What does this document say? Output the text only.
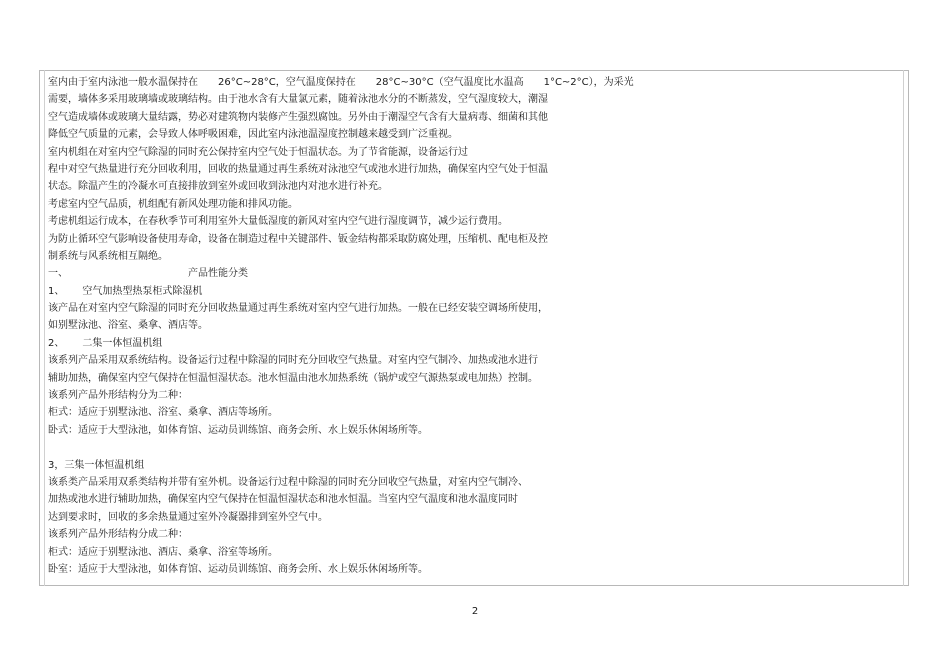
室内由于室内泳池一般水温保持在　　26°C~28°C，空气温度保持在　　28°C~30°C（空气温度比水温高　　1°C~2°C），为采光
需要，墙体多采用玻璃墙或玻璃结构。由于池水含有大量氯元素，随着泳池水分的不断蒸发，空气湿度较大，潮湿
空气造成墙体或玻璃大量结露，势必对建筑物内装修产生强烈腐蚀。另外由于潮湿空气含有大量病毒、细菌和其他
降低空气质量的元素，会导致人体呼吸困难，因此室内泳池温湿度控制越来越受到广泛重视。
室内机组在对室内空气除湿的同时充公保持室内空气处于恒温状态。为了节省能源，设备运行过
程中对空气热量进行充分回收利用，回收的热量通过再生系统对泳池空气或池水进行加热，确保室内空气处于恒温
状态。除温产生的冷凝水可直接排放到室外或回收到泳池内对池水进行补充。
考虑室内空气品质，机组配有新风处理功能和排风功能。
考虑机组运行成本，在春秋季节可利用室外大量低湿度的新风对室内空气进行湿度调节，减少运行费用。
为防止循环空气影响设备使用寿命，设备在制造过程中关键部件、钣金结构都采取防腐处理，压缩机、配电柜及控
制系统与风系统相互隔绝。
一、	产品性能分类
1、 空气加热型热泵柜式除湿机
该产品在对室内空气除湿的同时充分回收热量通过再生系统对室内空气进行加热。一般在已经安装空调场所使用，
如别墅泳池、浴室、桑拿、酒店等。
2、 二集一体恒温机组
该系列产品采用双系统结构。设备运行过程中除湿的同时充分回收空气热量。对室内空气制冷、加热或池水进行
辅助加热，确保室内空气保持在恒温恒湿状态。池水恒温由池水加热系统（锅炉或空气源热泵或电加热）控制。
该系列产品外形结构分为二种：
柜式：适应于别墅泳池、浴室、桑拿、酒店等场所。
卧式：适应于大型泳池，如体育馆、运动员训练馆、商务会所、水上娱乐休闲场所等。
3，三集一体恒温机组
该系类产品采用双系类结构并带有室外机。设备运行过程中除湿的同时充分回收空气热量，对室内空气制冷、
加热或池水进行辅助加热，确保室内空气保持在恒温恒湿状态和池水恒温。当室内空气温度和池水温度同时
达到要求时，回收的多余热量通过室外冷凝器排到室外空气中。
该系列产品外形结构分成二种：
柜式：适应于别墅泳池、酒店、桑拿、浴室等场所。
卧室：适应于大型泳池，如体育馆、运动员训练馆、商务会所、水上娱乐休闲场所等。
2
